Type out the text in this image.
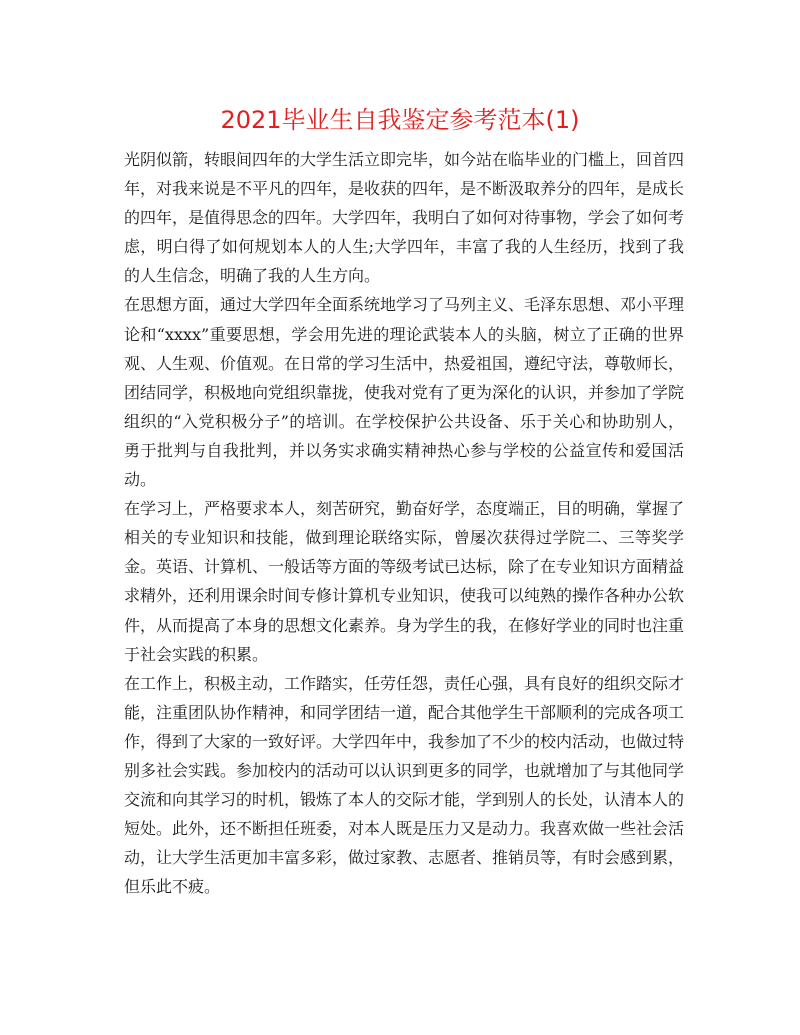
2021毕业生自我鉴定参考范本(1)

光阴似箭，转眼间四年的大学生活立即完毕，如今站在临毕业的门槛上，回首四年，对我来说是不平凡的四年，是收获的四年，是不断汲取养分的四年，是成长的四年，是值得思念的四年。大学四年，我明白了如何对待事物，学会了如何考虑，明白得了如何规划本人的人生;大学四年，丰富了我的人生经历，找到了我的人生信念，明确了我的人生方向。

在思想方面，通过大学四年全面系统地学习了马列主义、毛泽东思想、邓小平理论和“xxxx”重要思想，学会用先进的理论武装本人的头脑，树立了正确的世界观、人生观、价值观。在日常的学习生活中，热爱祖国，遵纪守法，尊敬师长，团结同学，积极地向党组织靠拢，使我对党有了更为深化的认识，并参加了学院组织的“入党积极分子”的培训。在学校保护公共设备、乐于关心和协助别人，勇于批判与自我批判，并以务实求确实精神热心参与学校的公益宣传和爱国活动。

在学习上，严格要求本人，刻苦研究，勤奋好学，态度端正，目的明确，掌握了相关的专业知识和技能，做到理论联络实际，曾屡次获得过学院二、三等奖学金。英语、计算机、一般话等方面的等级考试已达标，除了在专业知识方面精益求精外，还利用课余时间专修计算机专业知识，使我可以纯熟的操作各种办公软件，从而提高了本身的思想文化素养。身为学生的我，在修好学业的同时也注重于社会实践的积累。

在工作上，积极主动，工作踏实，任劳任怨，责任心强，具有良好的组织交际才能，注重团队协作精神，和同学团结一道，配合其他学生干部顺利的完成各项工作，得到了大家的一致好评。大学四年中，我参加了不少的校内活动，也做过特别多社会实践。参加校内的活动可以认识到更多的同学，也就增加了与其他同学交流和向其学习的时机，锻炼了本人的交际才能，学到别人的长处，认清本人的短处。此外，还不断担任班委，对本人既是压力又是动力。我喜欢做一些社会活动，让大学生活更加丰富多彩，做过家教、志愿者、推销员等，有时会感到累，但乐此不疲。
